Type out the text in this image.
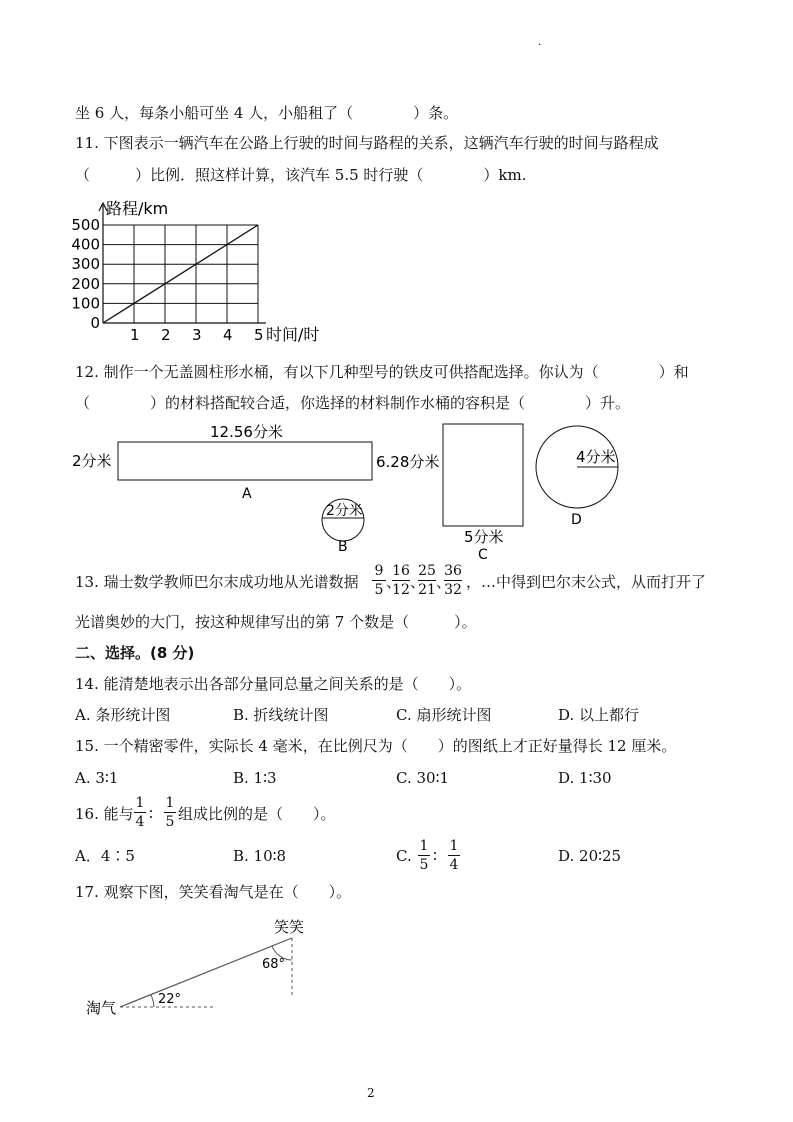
·
坐 6 人，每条小船可坐 4 人，小船租了（　　　　）条。
11. 下图表示一辆汽车在公路上行驶的时间与路程的关系，这辆汽车行驶的时间与路程成
（　　　）比例．照这样计算，该汽车 5.5 时行驶（　　　　）km.
1 2 3 4 5
0
100
200
300
400
500
路程/km
时间/时
12. 制作一个无盖圆柱形水桶，有以下几种型号的铁皮可供搭配选择。你认为（　　　　）和
（　　　　）的材料搭配较合适，你选择的材料制作水桶的容积是（　　　　）升。
12.56分米
2分米
A
2分米
B
6.28分米
5分米
C
4分米
D
13. 瑞士数学教师巴尔末成功地从光谱数据
9
5 、
16
12 、
25
21 、
36
32 ，…中得到巴尔末公式，从而打开了
光谱奥妙的大门，按这种规律写出的第 7 个数是（　　　）。
二、选择。(8 分)
14. 能清楚地表示出各部分量同总量之间关系的是（　　）。
A. 条形统计图	B. 折线统计图	C. 扇形统计图	D. 以上都行
15. 一个精密零件，实际长 4 毫米，在比例尺为（　　）的图纸上才正好量得长 12 厘米。
A. 3∶1	B. 1∶3	C. 30∶1	D. 1∶30
16. 能与
1
4 ∶
1
5 组成比例的是（　　）。
A．4∶5	B. 10∶8	C.
1
5 ∶
1
4	D. 20∶25
17. 观察下图，笑笑看淘气是在（　　）。
笑笑
淘气
68°
22°
2
